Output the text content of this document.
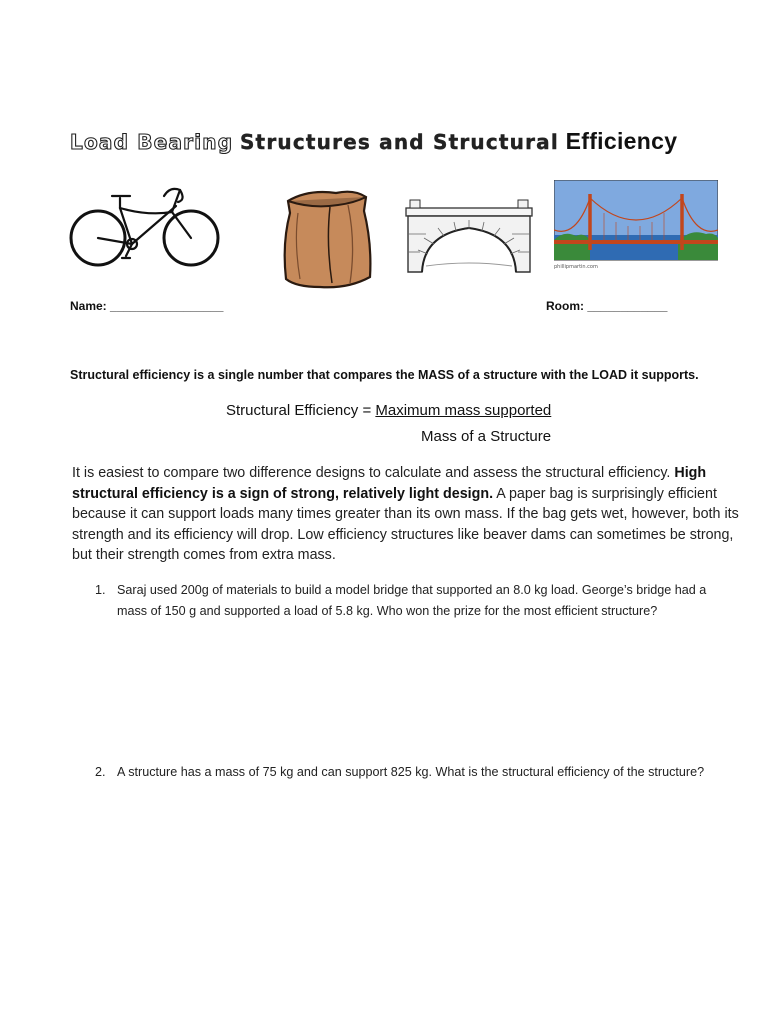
Load Bearing Structures and Structural Efficiency
phillipmartin.com
Name: _________________	Room: ____________
Structural efficiency is a single number that compares the MASS of a structure with the LOAD it supports.
Structural Efficiency = Maximum mass supported
Mass of a Structure
It is easiest to compare two difference designs to calculate and assess the structural efficiency. High structural efficiency is a sign of strong, relatively light design. A paper bag is surprisingly efficient because it can support loads many times greater than its own mass. If the bag gets wet, however, both its strength and its efficiency will drop. Low efficiency structures like beaver dams can sometimes be strong, but their strength comes from extra mass.
1. Saraj used 200g of materials to build a model bridge that supported an 8.0 kg load. George’s bridge had a mass of 150 g and supported a load of 5.8 kg. Who won the prize for the most efficient structure?
2. A structure has a mass of 75 kg and can support 825 kg. What is the structural efficiency of the structure?
